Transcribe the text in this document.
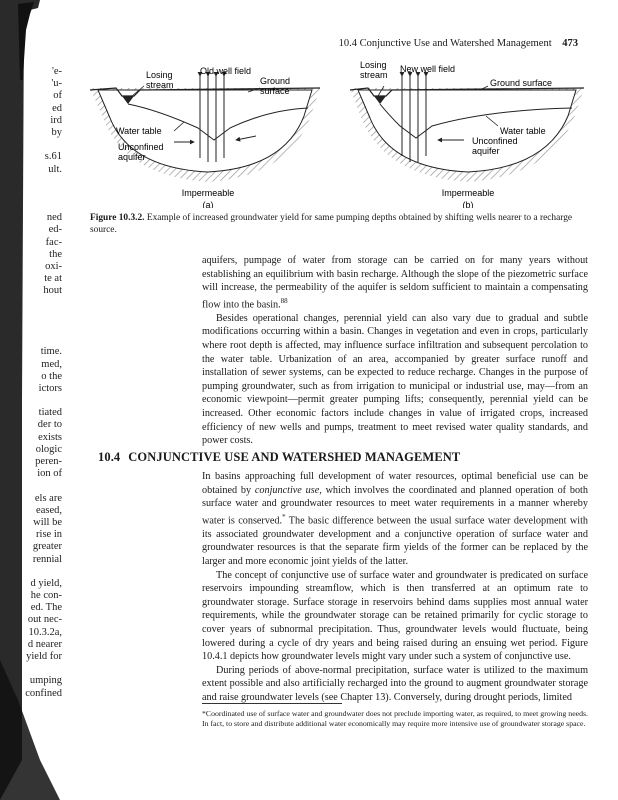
'e-
'u-
of
ed
ird
by
s.61
ult.
ned
ed-
fac-
the
oxi-
te at
hout
time.
med,
o the
ictors
tiated
der to
exists
ologic
peren-
ion of
els are
eased,
will be
rise in
greater
rennial
d yield,
he con-
ed. The
out nec-
10.3.2a,
d nearer
yield for
umping
confined
10.4 Conjunctive Use and Watershed Management 473
Losing stream
Old well field
Ground surface
Water table
Unconfined aquifer
Impermeable
(a)
Losing stream
New well field
Ground surface
Water table
Unconfined aquifer
Impermeable
(b)
Figure 10.3.2. Example of increased groundwater yield for same pumping depths obtained by shifting wells nearer to a recharge source.

aquifers, pumpage of water from storage can be carried on for many years without establishing an equilibrium with basin recharge. Although the slope of the piezometric surface will increase, the permeability of the aquifer is seldom sufficient to maintain a compensating flow into the basin.$^{88}$

Besides operational changes, perennial yield can also vary due to gradual and subtle modifications occurring within a basin. Changes in vegetation and even in crops, particularly where root depth is affected, may influence surface infiltration and subsequent percolation to the water table. Urbanization of an area, accompanied by greater surface runoff and installation of sewer systems, can be expected to reduce recharge. Changes in the purpose of pumping groundwater, such as from irrigation to municipal or industrial use, may—from an economic viewpoint—permit greater pumping lifts; consequently, perennial yield can be increased. Other economic factors include changes in value of irrigated crops, increased efficiency of new wells and pumps, treatment to meet revised water quality standards, and power costs.

10.4 CONJUNCTIVE USE AND WATERSHED MANAGEMENT

In basins approaching full development of water resources, optimal beneficial use can be obtained by conjunctive use, which involves the coordinated and planned operation of both surface water and groundwater resources to meet water requirements in a manner whereby water is conserved.* The basic difference between the usual surface water development with its associated groundwater development and a conjunctive operation of surface water and groundwater resources is that the separate firm yields of the former can be replaced by the larger and more economic joint yields of the latter.

The concept of conjunctive use of surface water and groundwater is predicated on surface reservoirs impounding streamflow, which is then transferred at an optimum rate to groundwater storage. Surface storage in reservoirs behind dams supplies most annual water requirements, while the groundwater storage can be retained primarily for cyclic storage to cover years of subnormal precipitation. Thus, groundwater levels would fluctuate, being lowered during a cycle of dry years and being raised during an ensuing wet period. Figure 10.4.1 depicts how groundwater levels might vary under such a system of conjunctive use.

During periods of above-normal precipitation, surface water is utilized to the maximum extent possible and also artificially recharged into the ground to augment groundwater storage and raise groundwater levels (see Chapter 13). Conversely, during drought periods, limited

*Coordinated use of surface water and groundwater does not preclude importing water, as required, to meet growing needs. In fact, to store and distribute additional water economically may require more intensive use of groundwater storage space.
